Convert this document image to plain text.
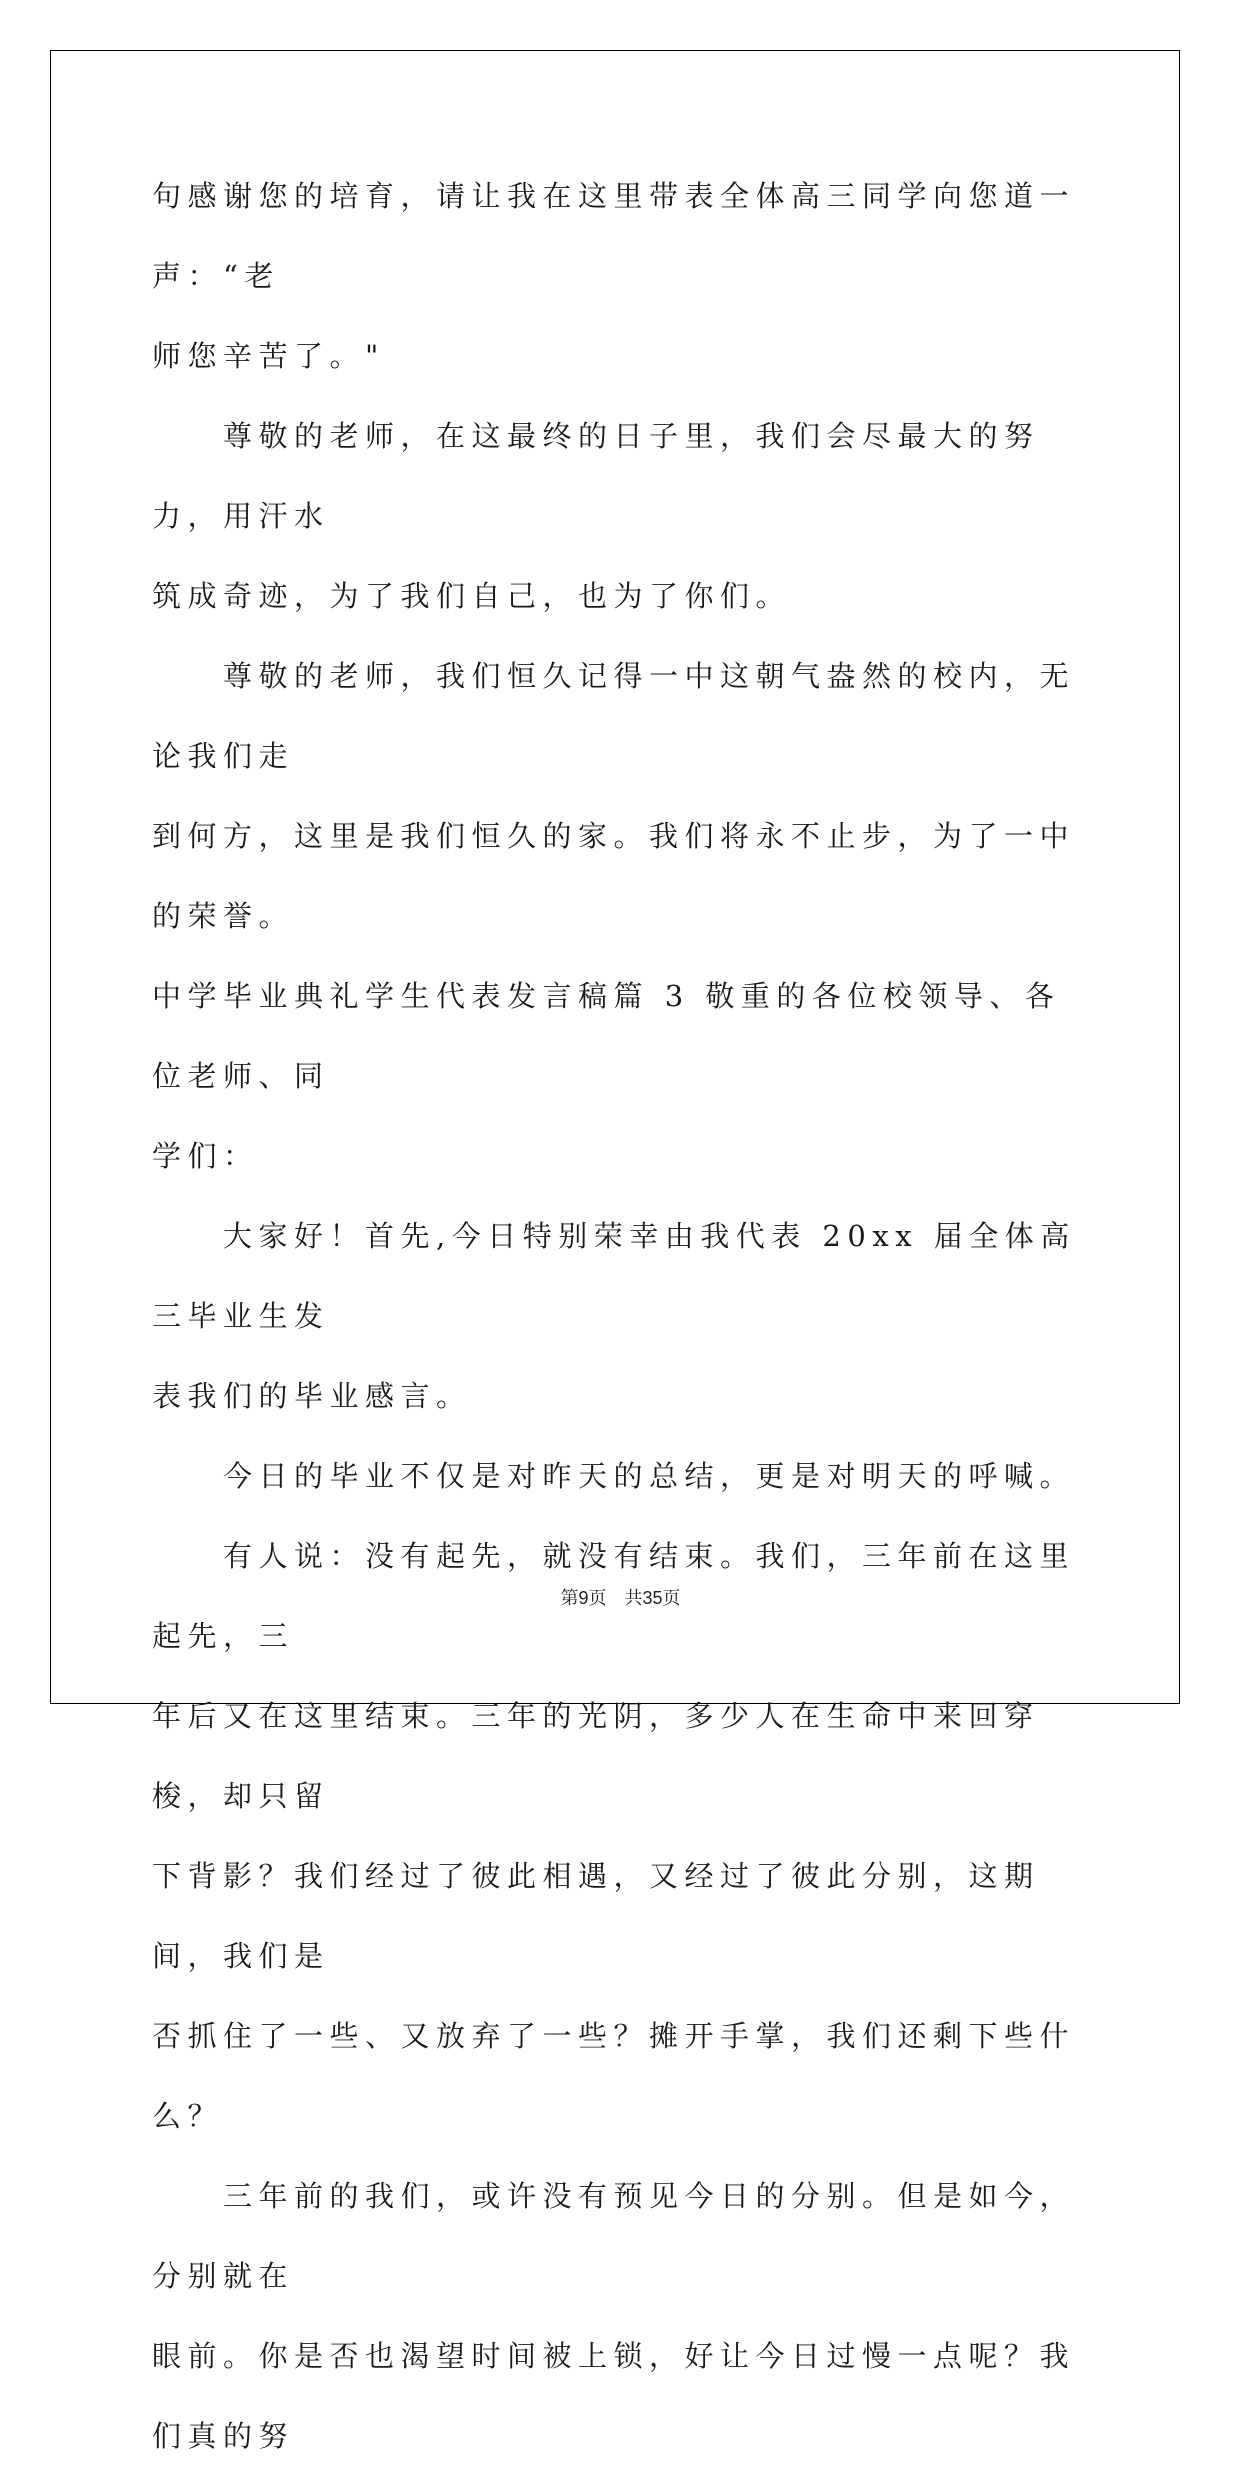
句感谢您的培育，请让我在这里带表全体高三同学向您道一声：“老
师您辛苦了。"

　　尊敬的老师，在这最终的日子里，我们会尽最大的努力，用汗水
筑成奇迹，为了我们自己，也为了你们。

　　尊敬的老师，我们恒久记得一中这朝气盎然的校内，无论我们走
到何方，这里是我们恒久的家。我们将永不止步，为了一中的荣誉。

中学毕业典礼学生代表发言稿篇 3 敬重的各位校领导、各位老师、同
学们：

　　大家好！首先,今日特别荣幸由我代表 20xx 届全体高三毕业生发
表我们的毕业感言。

　　今日的毕业不仅是对昨天的总结，更是对明天的呼喊。

　　有人说：没有起先，就没有结束。我们，三年前在这里起先，三
年后又在这里结束。三年的光阴，多少人在生命中来回穿梭，却只留
下背影？我们经过了彼此相遇，又经过了彼此分别，这期间，我们是
否抓住了一些、又放弃了一些？摊开手掌，我们还剩下些什么？

　　三年前的我们，或许没有预见今日的分别。但是如今，分别就在
眼前。你是否也渴望时间被上锁，好让今日过慢一点呢？我们真的努

第9页　共35页
